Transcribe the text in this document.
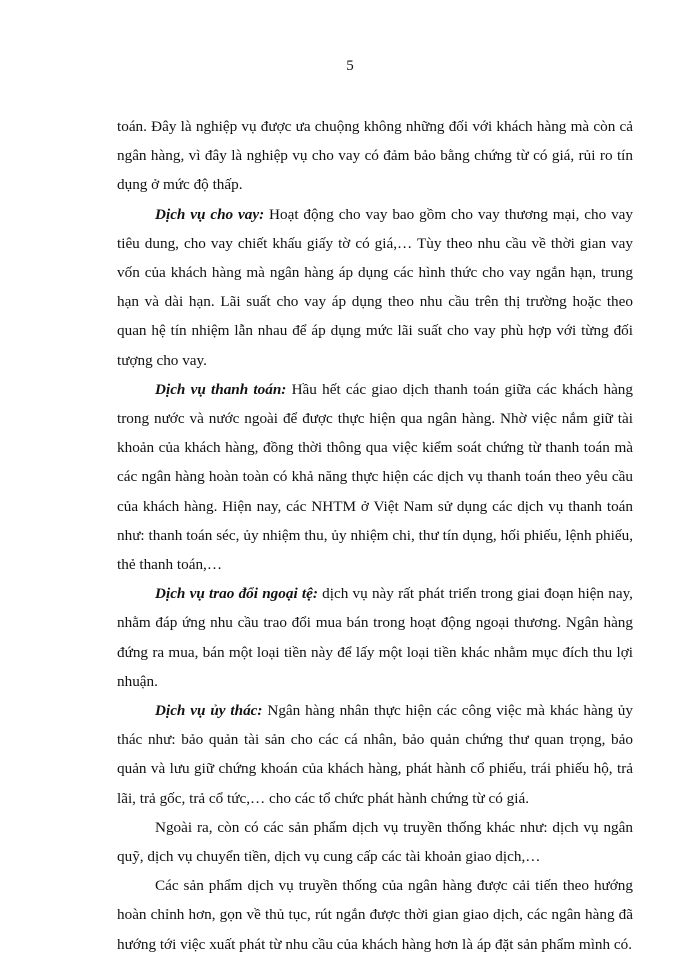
5

toán. Đây là nghiệp vụ được ưa chuộng không những đối với khách hàng mà còn cả ngân hàng, vì đây là nghiệp vụ cho vay có đảm bảo bằng chứng từ có giá, rủi ro tín dụng ở mức độ thấp.

Dịch vụ cho vay: Hoạt động cho vay bao gồm cho vay thương mại, cho vay tiêu dung, cho vay chiết khấu giấy tờ có giá,… Tùy theo nhu cầu về thời gian vay vốn của khách hàng mà ngân hàng áp dụng các hình thức cho vay ngắn hạn, trung hạn và dài hạn. Lãi suất cho vay áp dụng theo nhu cầu trên thị trường hoặc theo quan hệ tín nhiệm lẫn nhau để áp dụng mức lãi suất cho vay phù hợp với từng đối tượng cho vay.

Dịch vụ thanh toán: Hầu hết các giao dịch thanh toán giữa các khách hàng trong nước và nước ngoài để được thực hiện qua ngân hàng. Nhờ việc nắm giữ tài khoản của khách hàng, đồng thời thông qua việc kiểm soát chứng từ thanh toán mà các ngân hàng hoàn toàn có khả năng thực hiện các dịch vụ thanh toán theo yêu cầu của khách hàng. Hiện nay, các NHTM ở Việt Nam sử dụng các dịch vụ thanh toán như: thanh toán séc, ủy nhiệm thu, ủy nhiệm chi, thư tín dụng, hối phiếu, lệnh phiếu, thẻ thanh toán,…

Dịch vụ trao đổi ngoại tệ: dịch vụ này rất phát triển trong giai đoạn hiện nay, nhằm đáp ứng nhu cầu trao đổi mua bán trong hoạt động ngoại thương. Ngân hàng đứng ra mua, bán một loại tiền này để lấy một loại tiền khác nhằm mục đích thu lợi nhuận.

Dịch vụ ủy thác: Ngân hàng nhân thực hiện các công việc mà khác hàng ủy thác như: bảo quản tài sản cho các cá nhân, bảo quản chứng thư quan trọng, bảo quản và lưu giữ chứng khoán của khách hàng, phát hành cổ phiếu, trái phiếu hộ, trả lãi, trả gốc, trả cổ tức,… cho các tổ chức phát hành chứng từ có giá.

Ngoài ra, còn có các sản phẩm dịch vụ truyền thống khác như: dịch vụ ngân quỹ, dịch vụ chuyển tiền, dịch vụ cung cấp các tài khoản giao dịch,…

Các sản phẩm dịch vụ truyền thống của ngân hàng được cải tiến theo hướng hoàn chỉnh hơn, gọn về thủ tục, rút ngắn được thời gian giao dịch, các ngân hàng đã hướng tới việc xuất phát từ nhu cầu của khách hàng hơn là áp đặt sản phẩm mình có.
